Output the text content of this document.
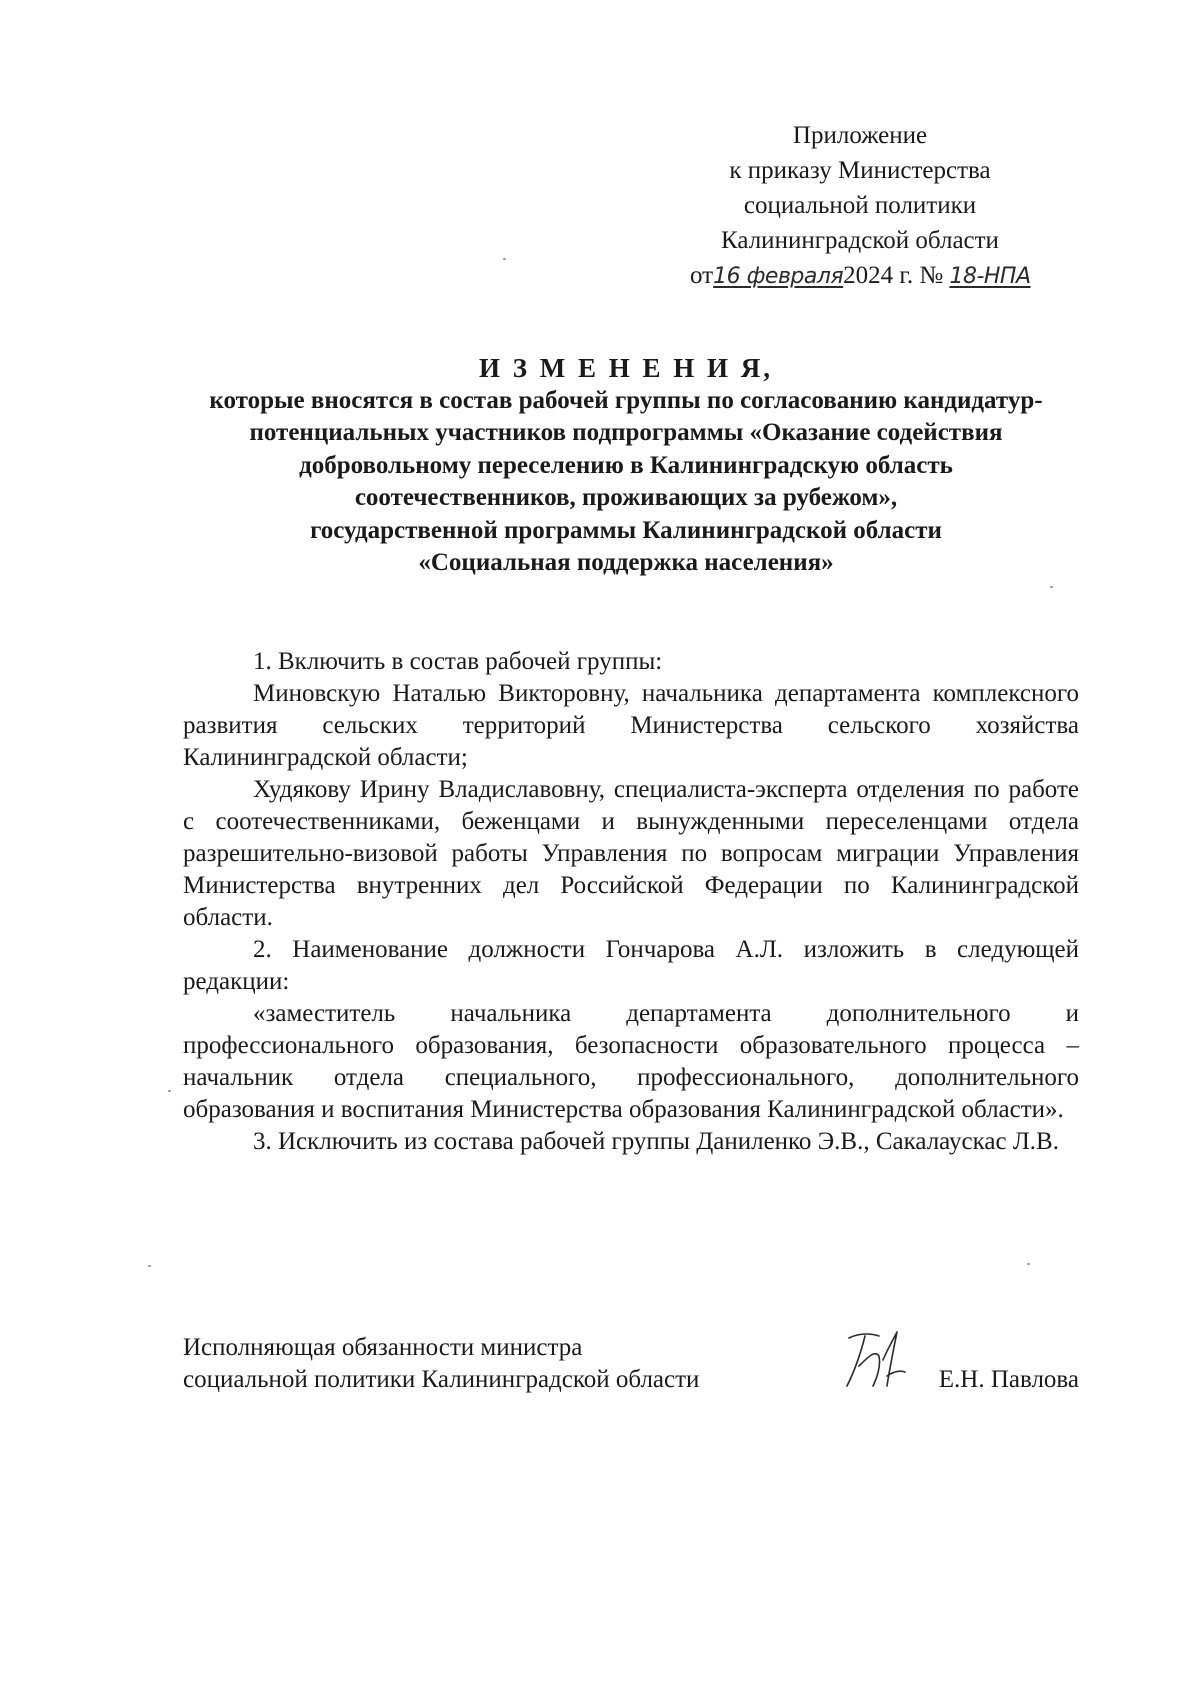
Приложение
к приказу Министерства
социальной политики
Калининградской области
от16 февраля2024 г. № 18-НПА
И З М Е Н Е Н И Я,
которые вносятся в состав рабочей группы по согласованию кандидатур-
потенциальных участников подпрограммы «Оказание содействия
добровольному переселению в Калининградскую область
соотечественников, проживающих за рубежом»,
государственной программы Калининградской области
«Социальная поддержка населения»

1. Включить в состав рабочей группы:

Миновскую Наталью Викторовну, начальника департамента комплексного развития сельских территорий Министерства сельского хозяйства Калининградской области;

Худякову Ирину Владиславовну, специалиста-эксперта отделения по работе с соотечественниками, беженцами и вынужденными переселенцами отдела разрешительно-визовой работы Управления по вопросам миграции Управления Министерства внутренних дел Российской Федерации по Калининградской области.

2. Наименование должности Гончарова А.Л. изложить в следующей редакции:

«заместитель начальника департамента дополнительного и профессионального образования, безопасности образовательного процесса – начальник отдела специального, профессионального, дополнительного образования и воспитания Министерства образования Калининградской области».

3. Исключить из состава рабочей группы Даниленко Э.В., Сакалаускас Л.В.

Исполняющая обязанности министра
социальной политики Калининградской области	Е.Н. Павлова
